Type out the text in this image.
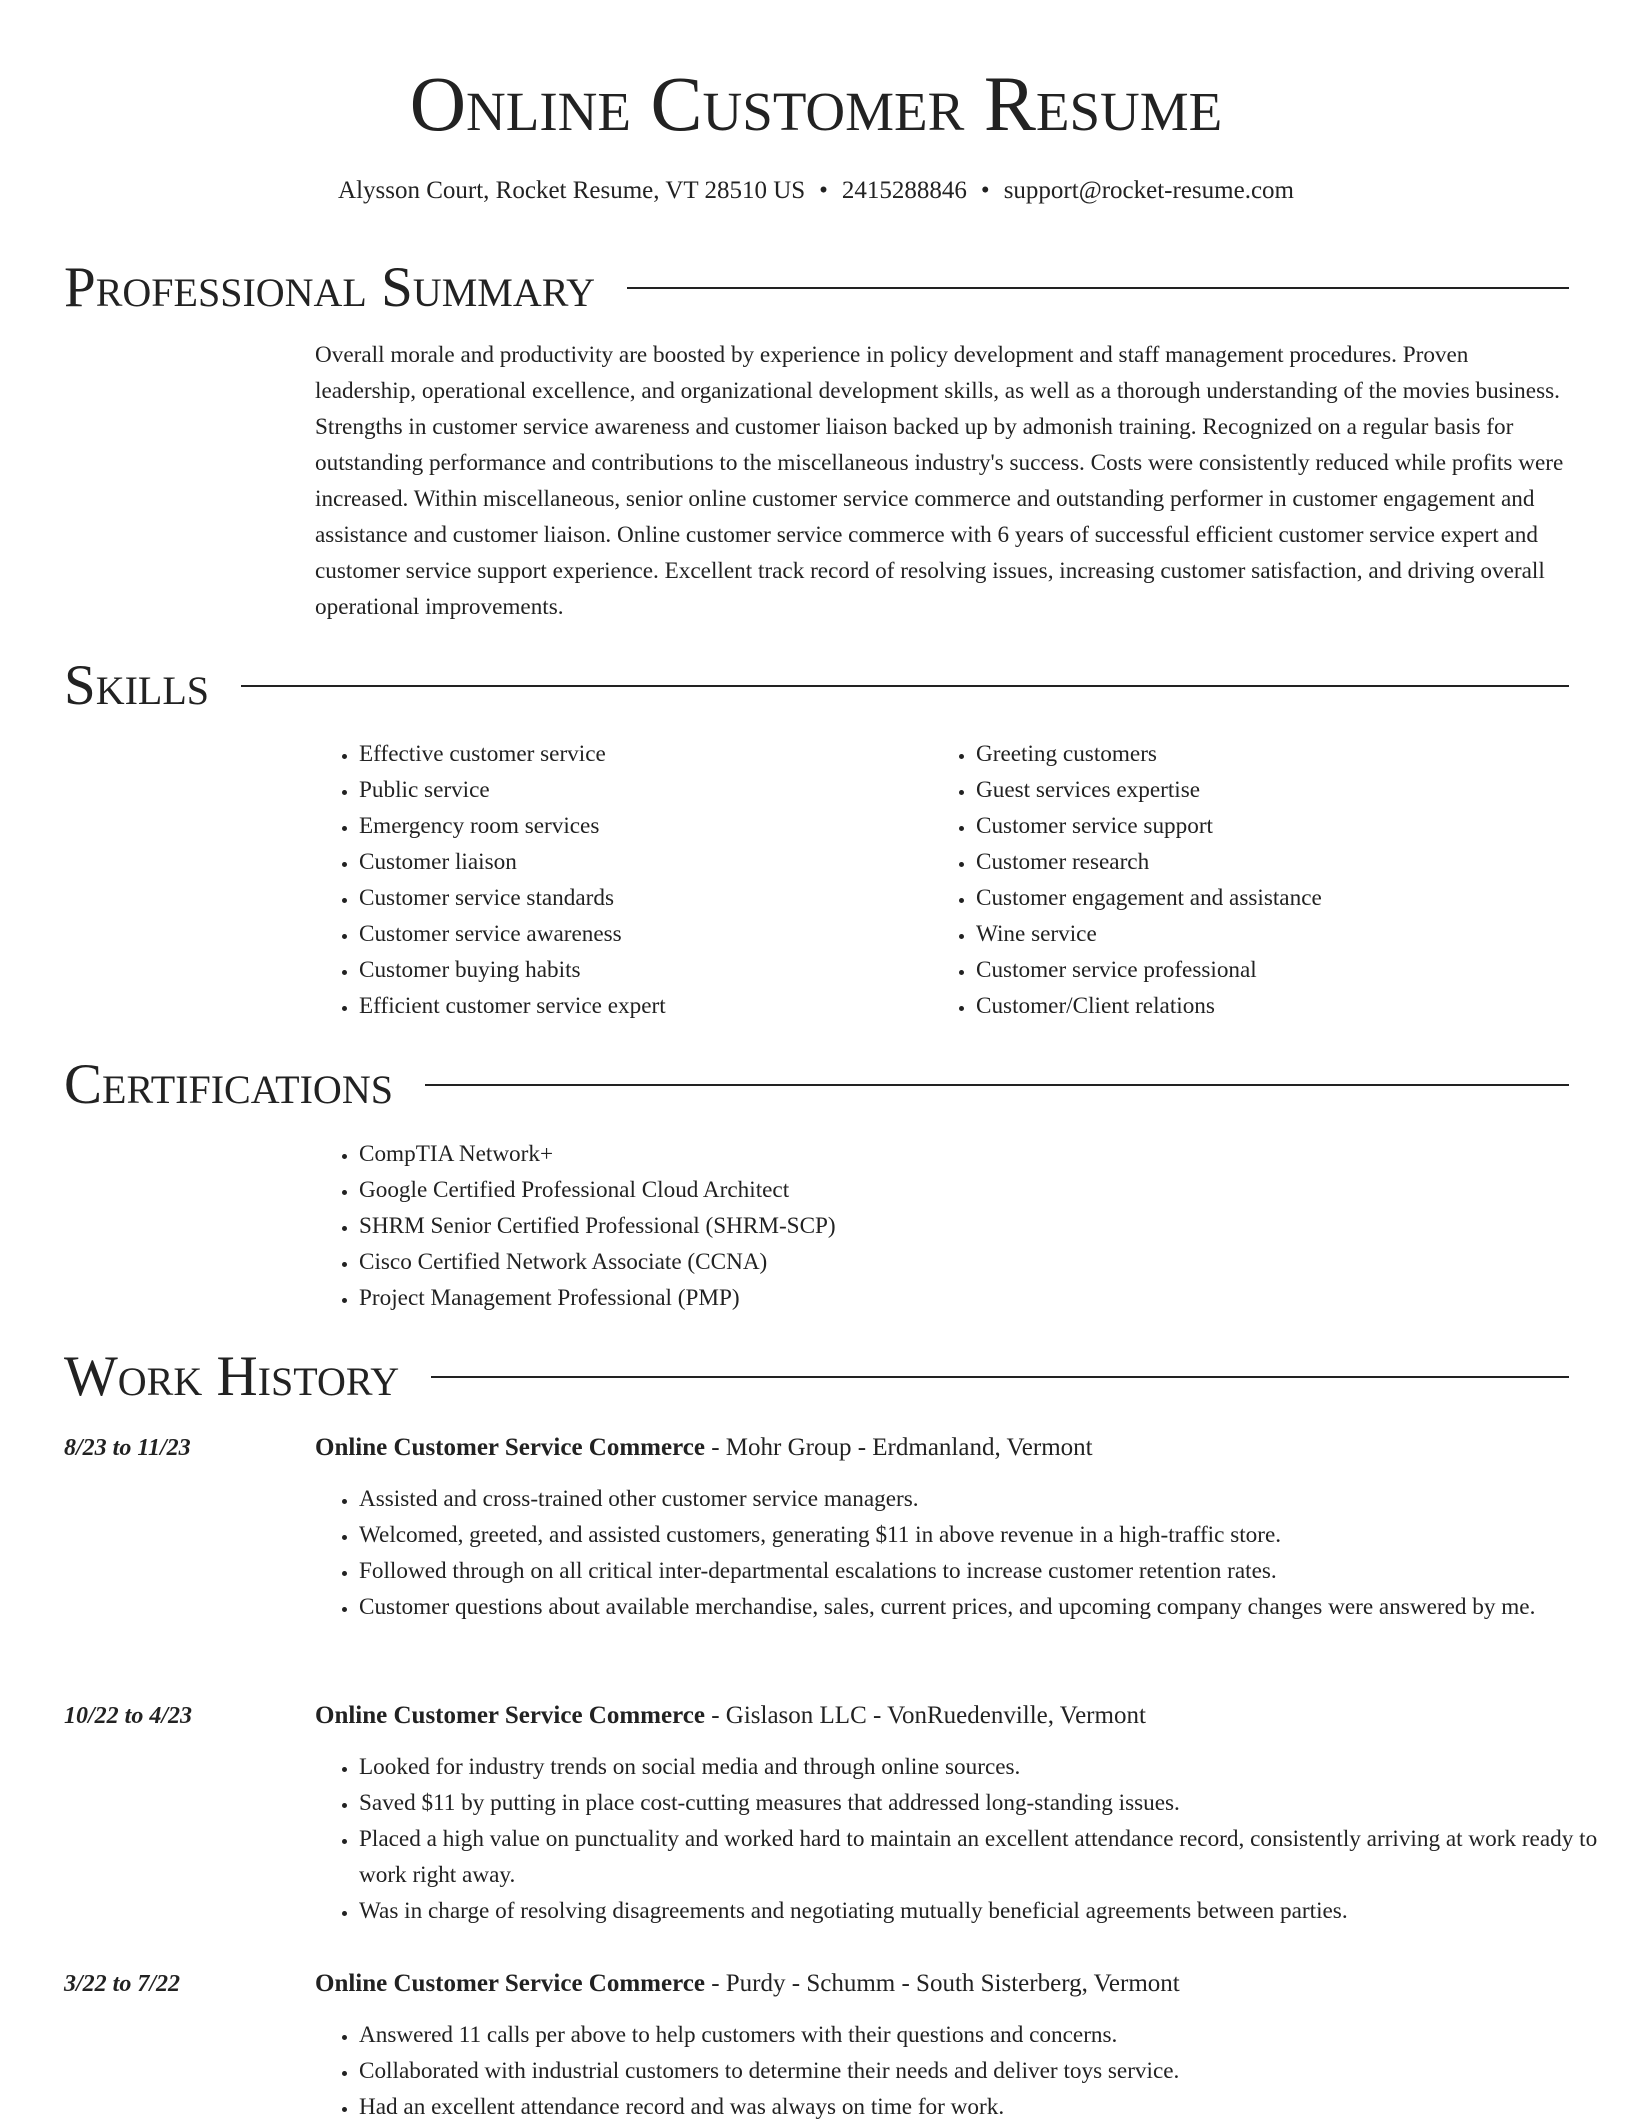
Online Customer Resume
Alysson Court, Rocket Resume, VT 28510 US • 2415288846 • support@rocket-resume.com
Professional Summary

Overall morale and productivity are boosted by experience in policy development and staff management procedures. Proven leadership, operational excellence, and organizational development skills, as well as a thorough understanding of the movies business. Strengths in customer service awareness and customer liaison backed up by admonish training. Recognized on a regular basis for outstanding performance and contributions to the miscellaneous industry's success. Costs were consistently reduced while profits were increased. Within miscellaneous, senior online customer service commerce and outstanding performer in customer engagement and assistance and customer liaison. Online customer service commerce with 6 years of successful efficient customer service expert and customer service support experience. Excellent track record of resolving issues, increasing customer satisfaction, and driving overall operational improvements.

Skills
• Effective customer service
• Public service
• Emergency room services
• Customer liaison
• Customer service standards
• Customer service awareness
• Customer buying habits
• Efficient customer service expert
• Greeting customers
• Guest services expertise
• Customer service support
• Customer research
• Customer engagement and assistance
• Wine service
• Customer service professional
• Customer/Client relations
Certifications
• CompTIA Network+
• Google Certified Professional Cloud Architect
• SHRM Senior Certified Professional (SHRM-SCP)
• Cisco Certified Network Associate (CCNA)
• Project Management Professional (PMP)
Work History
8/23 to 11/23	Online Customer Service Commerce - Mohr Group - Erdmanland, Vermont
• Assisted and cross-trained other customer service managers.
• Welcomed, greeted, and assisted customers, generating $11 in above revenue in a high-traffic store.
• Followed through on all critical inter-departmental escalations to increase customer retention rates.
• Customer questions about available merchandise, sales, current prices, and upcoming company changes were answered by me.
10/22 to 4/23	Online Customer Service Commerce - Gislason LLC - VonRuedenville, Vermont
• Looked for industry trends on social media and through online sources.
• Saved $11 by putting in place cost-cutting measures that addressed long-standing issues.
• Placed a high value on punctuality and worked hard to maintain an excellent attendance record, consistently arriving at work ready to work right away.
• Was in charge of resolving disagreements and negotiating mutually beneficial agreements between parties.
3/22 to 7/22	Online Customer Service Commerce - Purdy - Schumm - South Sisterberg, Vermont
• Answered 11 calls per above to help customers with their questions and concerns.
• Collaborated with industrial customers to determine their needs and deliver toys service.
• Had an excellent attendance record and was always on time for work.
